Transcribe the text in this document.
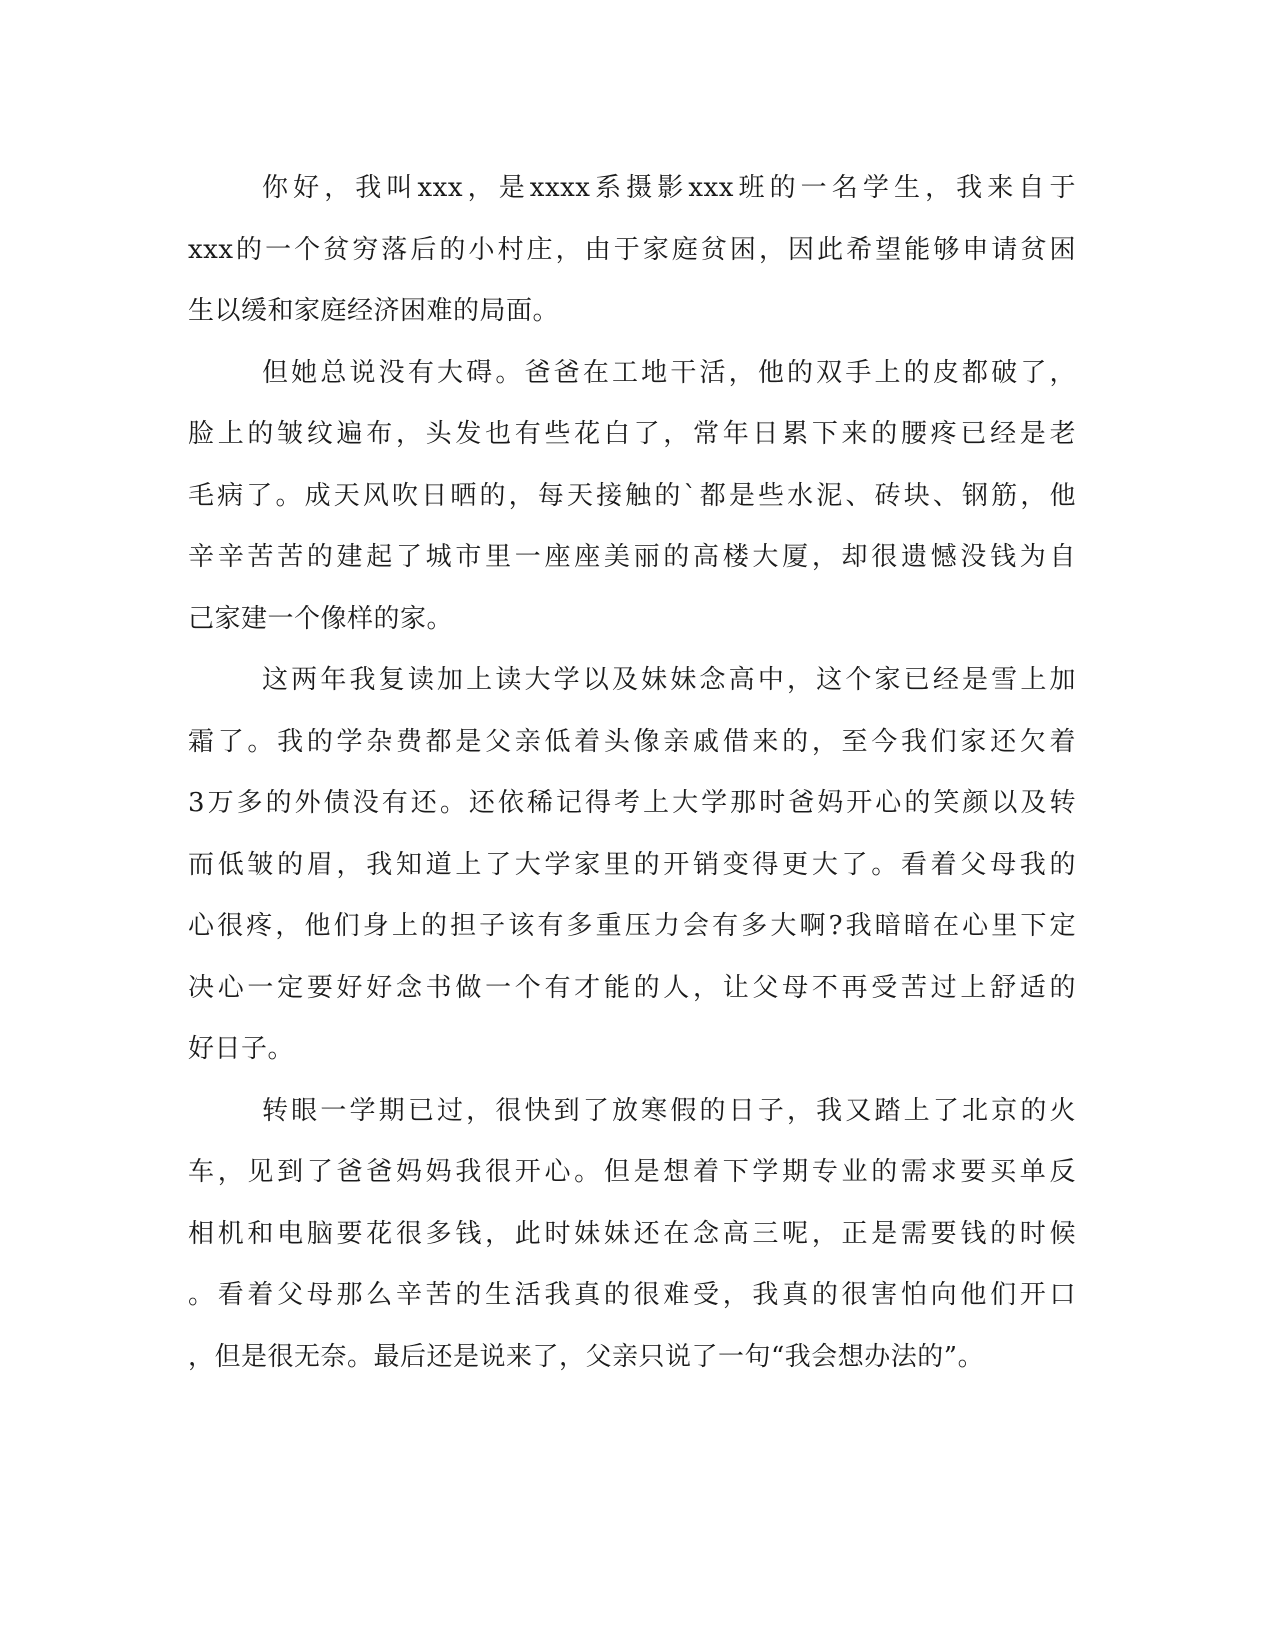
你好，我叫xxx，是xxxx系摄影xxx班的一名学生，我来自于
xxx的一个贫穷落后的小村庄，由于家庭贫困，因此希望能够申请贫困
生以缓和家庭经济困难的局面。
但她总说没有大碍。爸爸在工地干活，他的双手上的皮都破了，
脸上的皱纹遍布，头发也有些花白了，常年日累下来的腰疼已经是老
毛病了。成天风吹日晒的，每天接触的`都是些水泥、砖块、钢筋，他
辛辛苦苦的建起了城市里一座座美丽的高楼大厦，却很遗憾没钱为自
己家建一个像样的家。
这两年我复读加上读大学以及妹妹念高中，这个家已经是雪上加
霜了。我的学杂费都是父亲低着头像亲戚借来的，至今我们家还欠着
3万多的外债没有还。还依稀记得考上大学那时爸妈开心的笑颜以及转
而低皱的眉，我知道上了大学家里的开销变得更大了。看着父母我的
心很疼，他们身上的担子该有多重压力会有多大啊?我暗暗在心里下定
决心一定要好好念书做一个有才能的人，让父母不再受苦过上舒适的
好日子。
转眼一学期已过，很快到了放寒假的日子，我又踏上了北京的火
车，见到了爸爸妈妈我很开心。但是想着下学期专业的需求要买单反
相机和电脑要花很多钱，此时妹妹还在念高三呢，正是需要钱的时候
。看着父母那么辛苦的生活我真的很难受，我真的很害怕向他们开口
，但是很无奈。最后还是说来了，父亲只说了一句“我会想办法的”。
